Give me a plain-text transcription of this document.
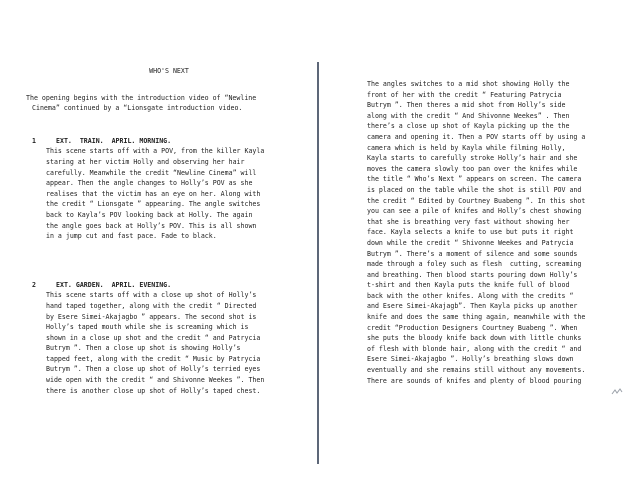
WHO'S NEXT
The opening begins with the introduction video of “Newline
Cinema” continued by a “Lionsgate introduction video.
1	EXT.  TRAIN.  APRIL. MORNING.
This scene starts off with a POV, from the killer Kayla
staring at her victim Holly and observing her hair
carefully. Meanwhile the credit “Newline Cinema” will
appear. Then the angle changes to Holly’s POV as she
realises that the victim has an eye on her. Along with
the credit “ Lionsgate ” appearing. The angle switches
back to Kayla’s POV looking back at Holly. The again
the angle goes back at Holly’s POV. This is all shown
in a jump cut and fast pace. Fade to black.
2	EXT. GARDEN.  APRIL. EVENING.
This scene starts off with a close up shot of Holly’s
hand taped together, along with the credit “ Directed
by Esere Simei-Akajagbo ” appears. The second shot is
Holly’s taped mouth while she is screaming which is
shown in a close up shot and the credit “ and Patrycia
Butrym ”. Then a close up shot is showing Holly’s
tapped feet, along with the credit “ Music by Patrycia
Butrym ”. Then a close up shot of Holly’s terried eyes
wide open with the credit “ and Shivonne Weekes ”. Then
there is another close up shot of Holly’s taped chest.
The angles switches to a mid shot showing Holly the
front of her with the credit “ Featuring Patrycia
Butrym ”. Then theres a mid shot from Holly’s side
along with the credit “ And Shivonne Weekes” . Then
there’s a close up shot of Kayla picking up the the
camera and opening it. Then a POV starts off by using a
camera which is held by Kayla while filming Holly,
Kayla starts to carefully stroke Holly’s hair and she
moves the camera slowly too pan over the knifes while
the title “ Who’s Next ” appears on screen. The camera
is placed on the table while the shot is still POV and
the credit “ Edited by Courtney Buabeng ”. In this shot
you can see a pile of knifes and Holly’s chest showing
that she is breathing very fast without showing her
face. Kayla selects a knife to use but puts it right
down while the credit “ Shivonne Weekes and Patrycia
Butrym ”. There’s a moment of silence and some sounds
made through a foley such as flesh  cutting, screaming
and breathing. Then blood starts pouring down Holly’s
t-shirt and then Kayla puts the knife full of blood
back with the other knifes. Along with the credits “
and Esere Simei-Akajagb”. Then Kayla picks up another
knife and does the same thing again, meanwhile with the
credit “Production Designers Courtney Buabeng ”. When
she puts the bloody knife back down with little chunks
of flesh with blonde hair, along with the credit “ and
Esere Simei-Akajagbo ”. Holly’s breathing slows down
eventually and she remains still without any movements.
There are sounds of knifes and plenty of blood pouring
